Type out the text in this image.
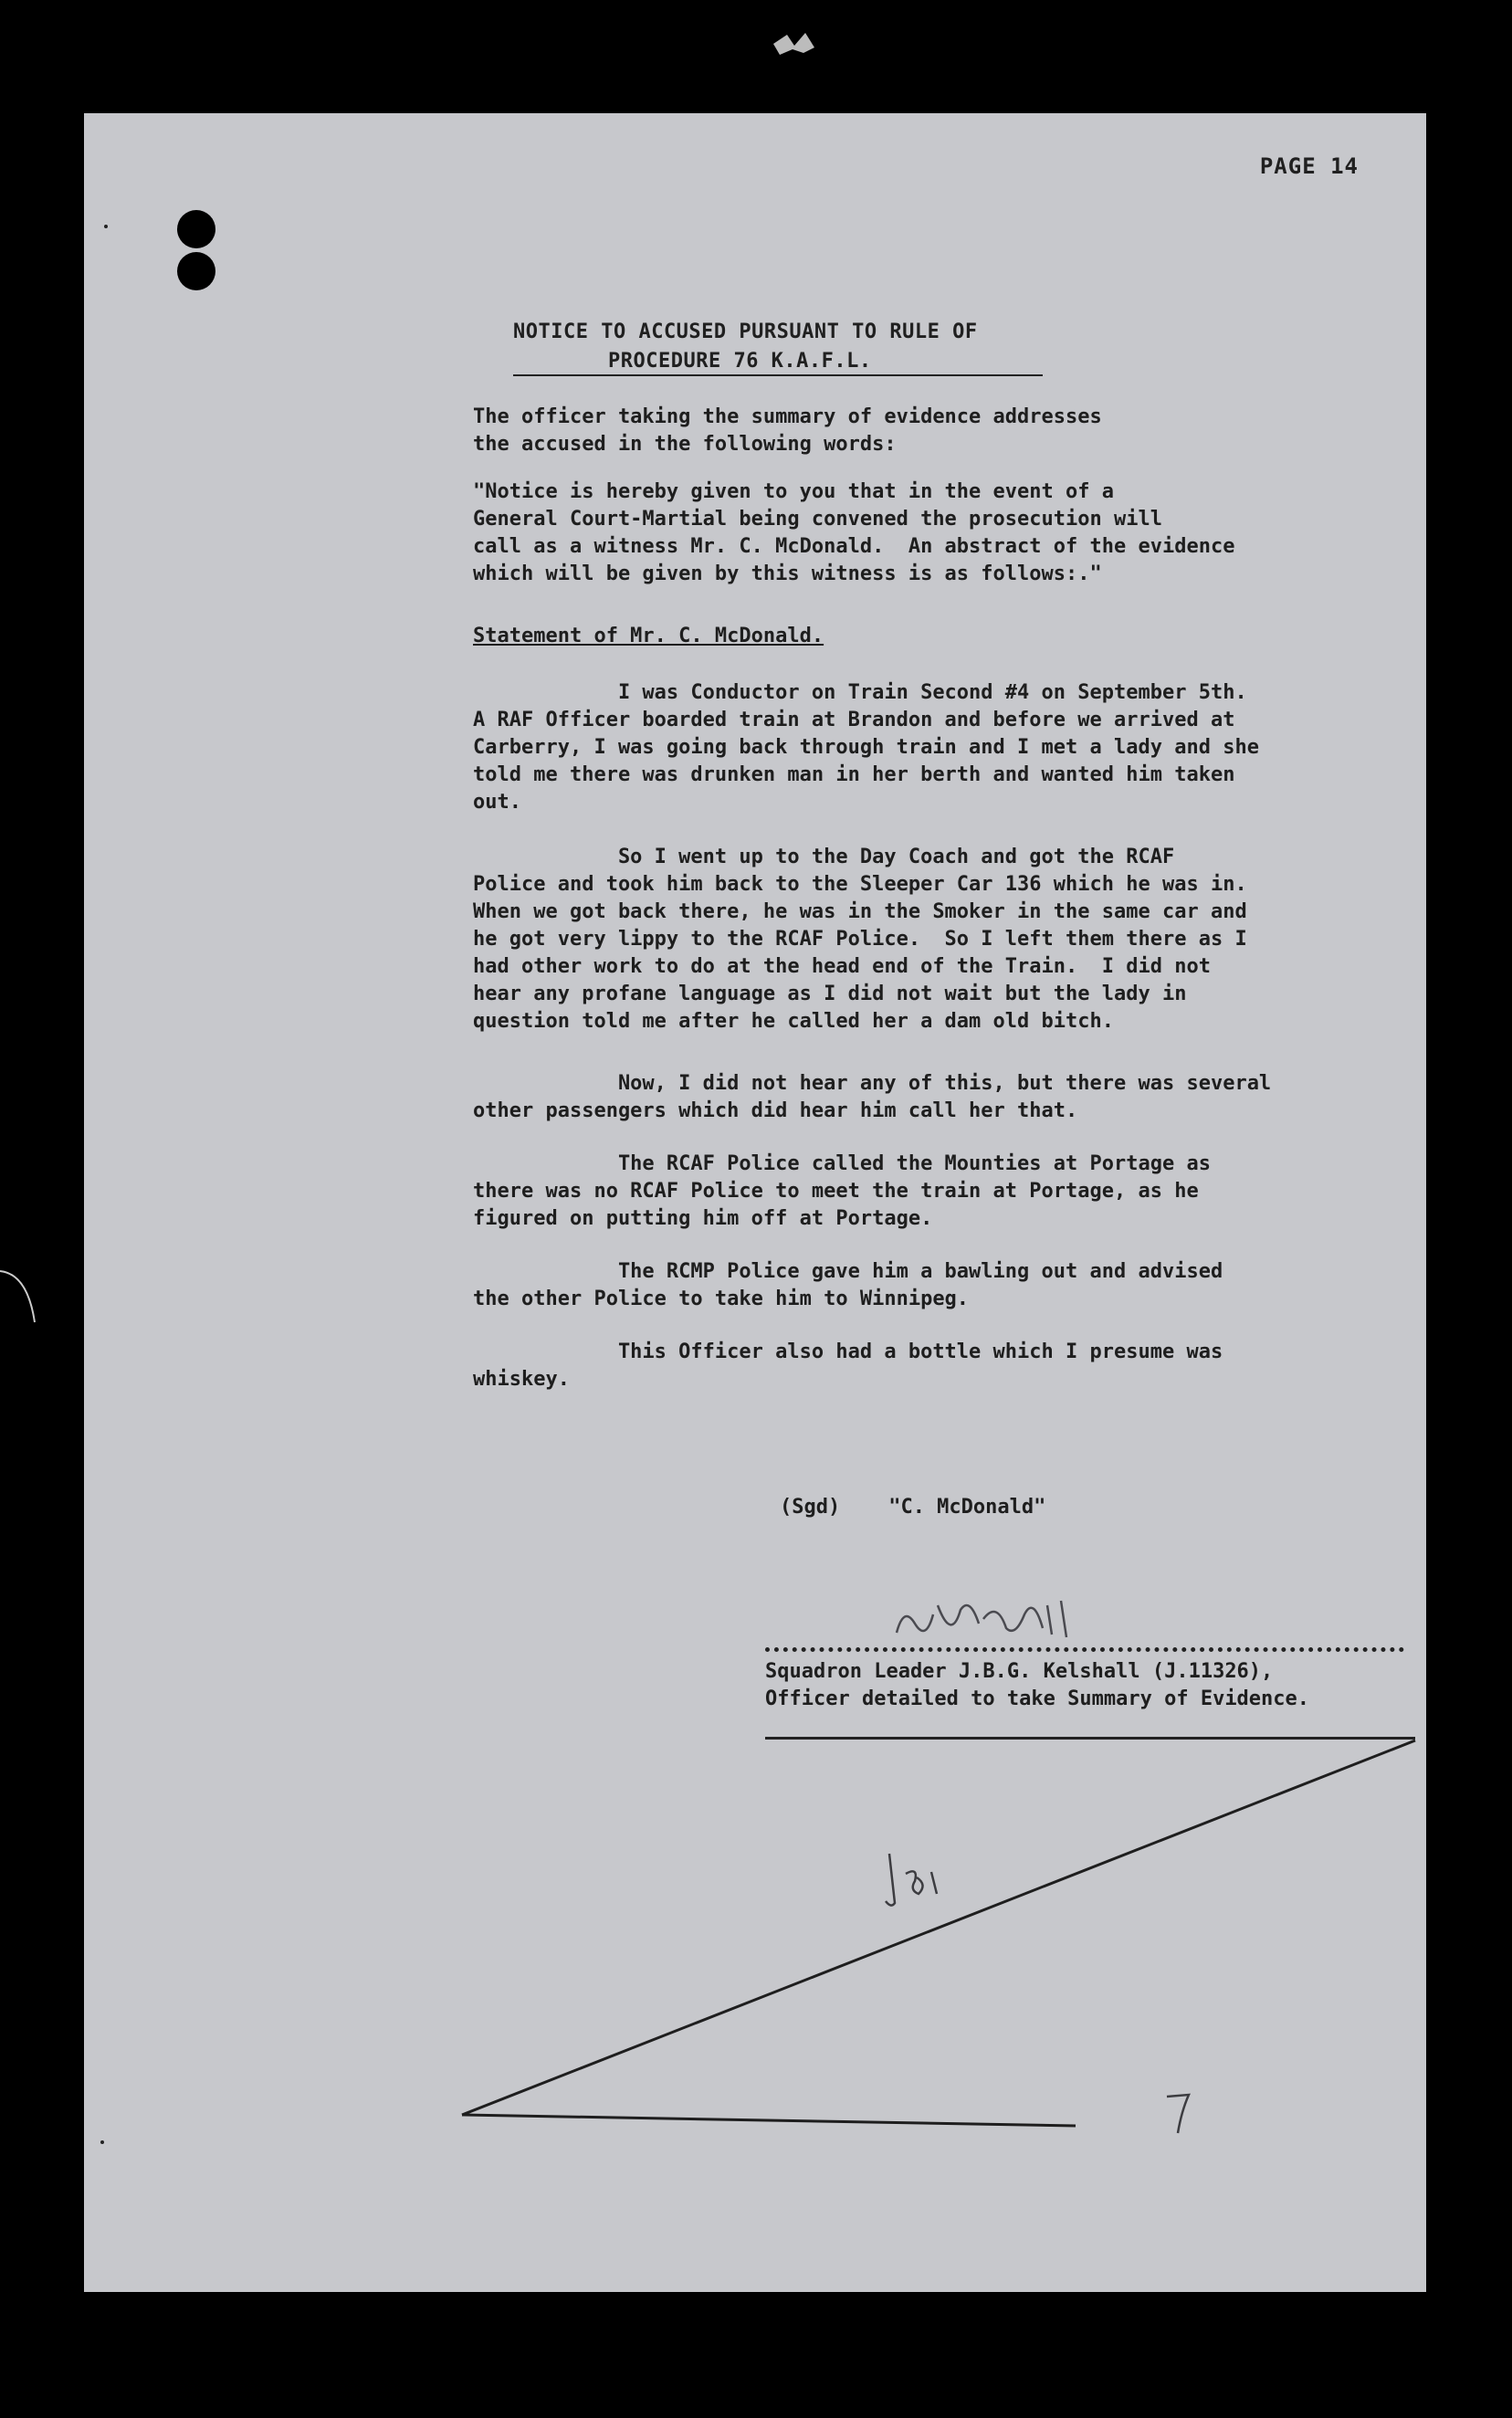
PAGE 14
NOTICE TO ACCUSED PURSUANT TO RULE OF
PROCEDURE 76 K.A.F.L.
The officer taking the summary of evidence addresses
the accused in the following words:
"Notice is hereby given to you that in the event of a
General Court-Martial being convened the prosecution will
call as a witness Mr. C. McDonald.  An abstract of the evidence
which will be given by this witness is as follows:."
Statement of Mr. C. McDonald.
I was Conductor on Train Second #4 on September 5th.
A RAF Officer boarded train at Brandon and before we arrived at
Carberry, I was going back through train and I met a lady and she
told me there was drunken man in her berth and wanted him taken
out.
So I went up to the Day Coach and got the RCAF
Police and took him back to the Sleeper Car 136 which he was in.
When we got back there, he was in the Smoker in the same car and
he got very lippy to the RCAF Police.  So I left them there as I
had other work to do at the head end of the Train.  I did not
hear any profane language as I did not wait but the lady in
question told me after he called her a dam old bitch.
Now, I did not hear any of this, but there was several
other passengers which did hear him call her that.
The RCAF Police called the Mounties at Portage as
there was no RCAF Police to meet the train at Portage, as he
figured on putting him off at Portage.
The RCMP Police gave him a bawling out and advised
the other Police to take him to Winnipeg.
This Officer also had a bottle which I presume was
whiskey.
(Sgd)    "C. McDonald"
Squadron Leader J.B.G. Kelshall (J.11326),
Officer detailed to take Summary of Evidence.
